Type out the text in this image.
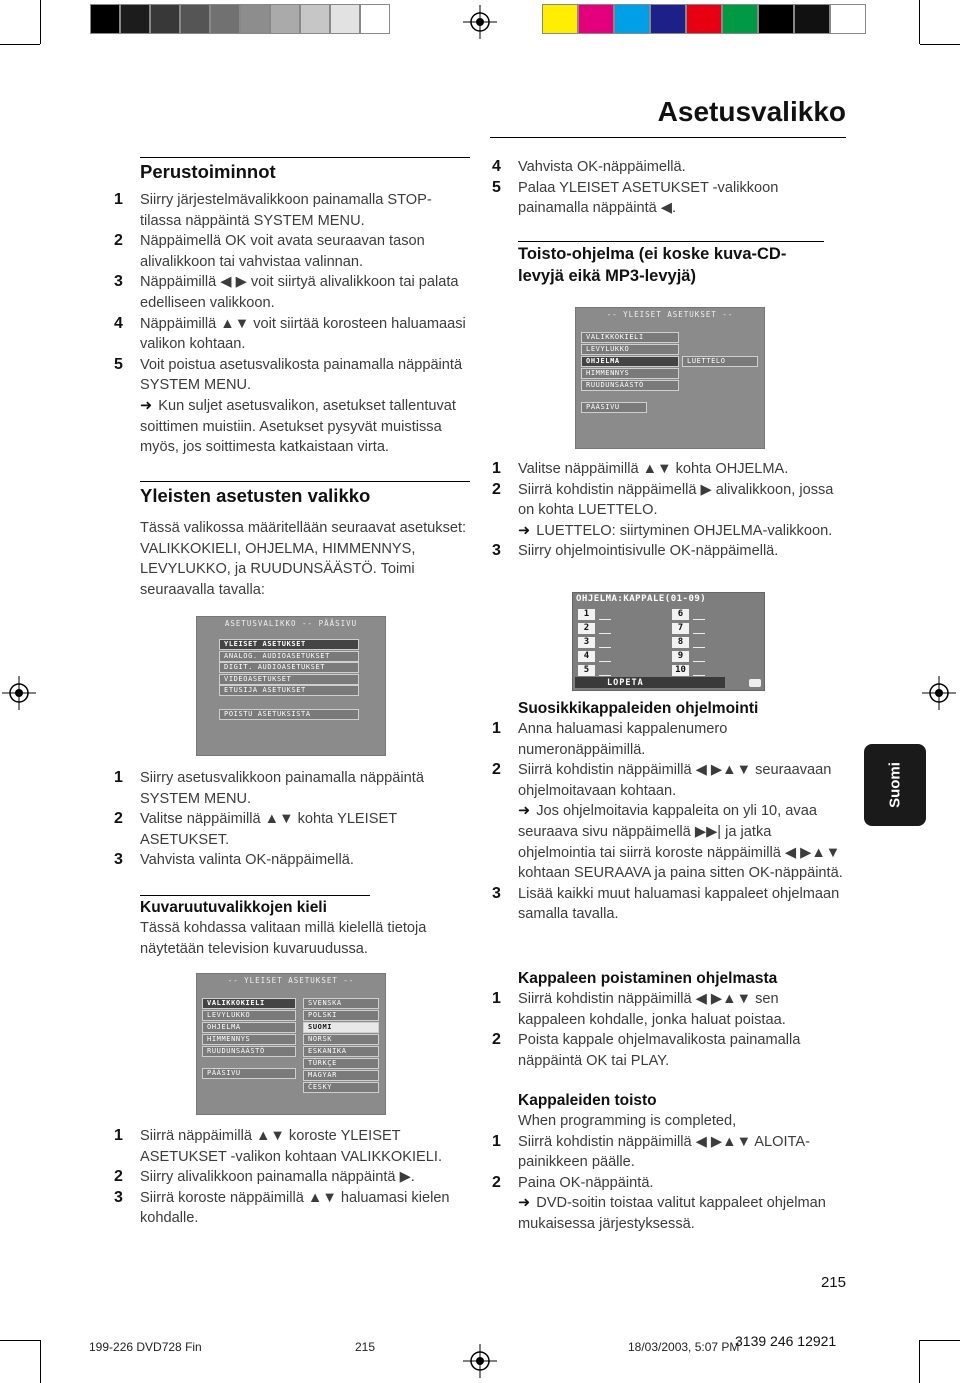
Asetusvalikko
Perustoiminnot
1 Siirry järjestelmävalikkoon painamalla STOP-tilassa näppäintä SYSTEM MENU.
2 Näppäimellä OK voit avata seuraavan tason alivalikkoon tai vahvistaa valinnan.
3 Näppäimillä ◀ ▶ voit siirtyä alivalikkoon tai palata edelliseen valikkoon.
4 Näppäimillä ▲▼ voit siirtää korosteen haluamaasi valikon kohtaan.
5 Voit poistua asetusvalikosta painamalla näppäintä SYSTEM MENU.
➜ Kun suljet asetusvalikon, asetukset tallentuvat soittimen muistiin. Asetukset pysyvät muistissa myös, jos soittimesta katkaistaan virta.
Yleisten asetusten valikko

Tässä valikossa määritellään seuraavat asetukset: VALIKKOKIELI, OHJELMA, HIMMENNYS, LEVYLUKKO, ja RUUDUNSÄÄSTÖ. Toimi seuraavalla tavalla:

ASETUSVALIKKO -- PÄÄSIVU
YLEISET ASETUKSET
ANALOG. AUDIOASETUKSET
DIGIT. AUDIOASETUKSET
VIDEOASETUKSET
ETUSIJA ASETUKSET
POISTU ASETUKSISTA
1 Siirry asetusvalikkoon painamalla näppäintä SYSTEM MENU.
2 Valitse näppäimillä ▲▼ kohta YLEISET ASETUKSET.
3 Vahvista valinta OK-näppäimellä.
Kuvaruutuvalikkojen kieli

Tässä kohdassa valitaan millä kielellä tietoja näytetään television kuvaruudussa.

-- YLEISET ASETUKSET --
VALIKKOKIELI
LEVYLUKKO
OHJELMA
HIMMENNYS
RUUDUNSÄÄSTÖ
PÄÄSIVU
SVENSKA
POLSKI
SUOMI
NORSK
ESKANIKA
TÜRKÇE
MAGYAR
ČESKY
1 Siirrä näppäimillä ▲▼ koroste YLEISET ASETUKSET -valikon kohtaan VALIKKOKIELI.
2 Siirry alivalikkoon painamalla näppäintä ▶.
3 Siirrä koroste näppäimillä ▲▼ haluamasi kielen kohdalle.
4 Vahvista OK-näppäimellä.
5 Palaa YLEISET ASETUKSET -valikkoon painamalla näppäintä ◀.
Toisto-ohjelma (ei koske kuva-CD-levyjä eikä MP3-levyjä)
-- YLEISET ASETUKSET --
VALIKKOKIELI
LEVYLUKKO
OHJELMA
HIMMENNYS
RUUDUNSÄÄSTÖ
PÄÄSIVU
LUETTELO
1 Valitse näppäimillä ▲▼ kohta OHJELMA.
2 Siirrä kohdistin näppäimellä ▶ alivalikkoon, jossa on kohta LUETTELO.
➜ LUETTELO: siirtyminen OHJELMA-valikkoon.
3 Siirry ohjelmointisivulle OK-näppäimellä.
OHJELMA:KAPPALE(01-09)
1
2
3
4
5
6
7
8
9
10
LOPETA
Suosikkikappaleiden ohjelmointi
1 Anna haluamasi kappalenumero numeronäppäimillä.
2 Siirrä kohdistin näppäimillä ◀ ▶▲▼ seuraavaan ohjelmoitavaan kohtaan.
➜ Jos ohjelmoitavia kappaleita on yli 10, avaa seuraava sivu näppäimellä ▶▶| ja jatka ohjelmointia tai siirrä koroste näppäimillä ◀ ▶▲▼ kohtaan SEURAAVA ja paina sitten OK-näppäintä.
3 Lisää kaikki muut haluamasi kappaleet ohjelmaan samalla tavalla.
Kappaleen poistaminen ohjelmasta
1 Siirrä kohdistin näppäimillä ◀ ▶▲▼ sen kappaleen kohdalle, jonka haluat poistaa.
2 Poista kappale ohjelmavalikosta painamalla näppäintä OK tai PLAY.
Kappaleiden toisto

When programming is completed,

1 Siirrä kohdistin näppäimillä ◀ ▶▲▼ ALOITA-painikkeen päälle.
2 Paina OK-näppäintä.
➜ DVD-soitin toistaa valitut kappaleet ohjelman mukaisessa järjestyksessä.
Suomi
215
199-226 DVD728 Fin	215	18/03/2003, 5:07 PM
3139 246 12921
